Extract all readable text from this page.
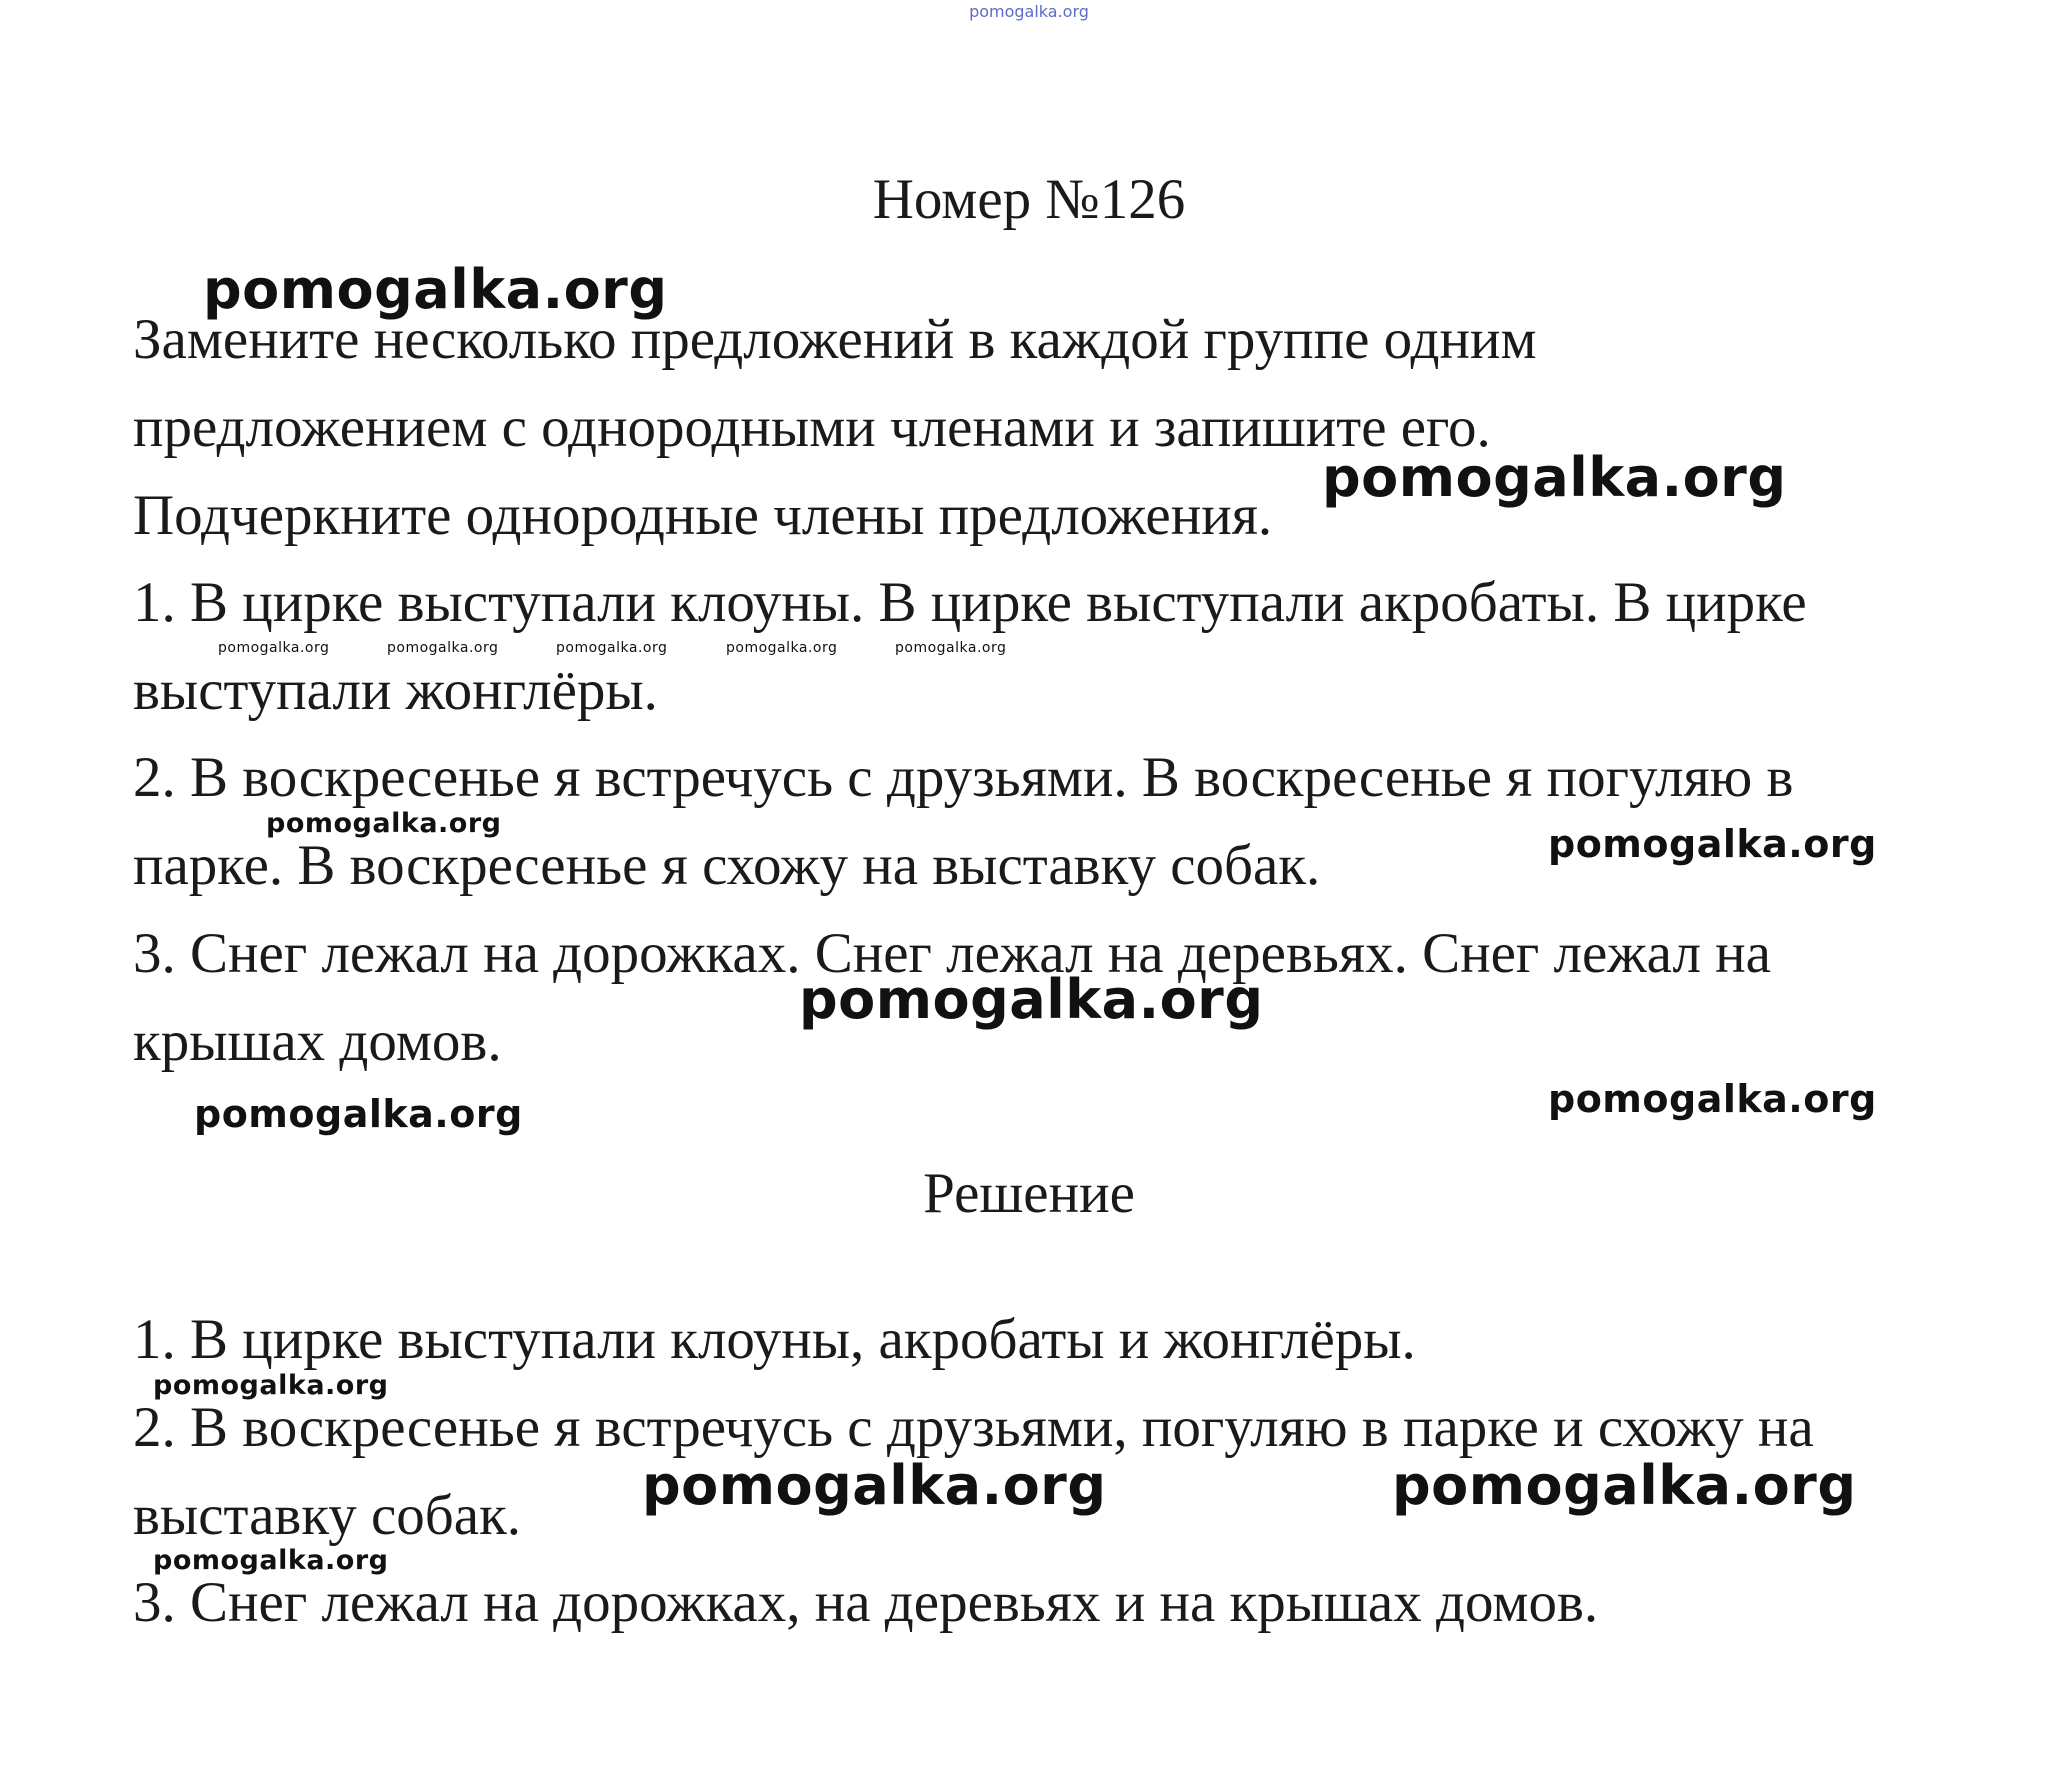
pomogalka.org
Номер №126
Замените несколько предложений в каждой группе одним
предложением с однородными членами и запишите его.
Подчеркните однородные члены предложения.
1. В цирке выступали клоуны. В цирке выступали акробаты. В цирке
выступали жонглёры.
2. В воскресенье я встречусь с друзьями. В воскресенье я погуляю в
парке. В воскресенье я схожу на выставку собак.
3. Снег лежал на дорожках. Снег лежал на деревьях. Снег лежал на
крышах домов.
Решение
1. В цирке выступали клоуны, акробаты и жонглёры.
2. В воскресенье я встречусь с друзьями, погуляю в парке и схожу на
выставку собак.
3. Снег лежал на дорожках, на деревьях и на крышах домов.
pomogalka.org
pomogalka.org
pomogalka.org	pomogalka.org	pomogalka.org	pomogalka.org	pomogalka.org
pomogalka.org	pomogalka.org
pomogalka.org
pomogalka.org	pomogalka.org
pomogalka.org
pomogalka.org	pomogalka.org
pomogalka.org
